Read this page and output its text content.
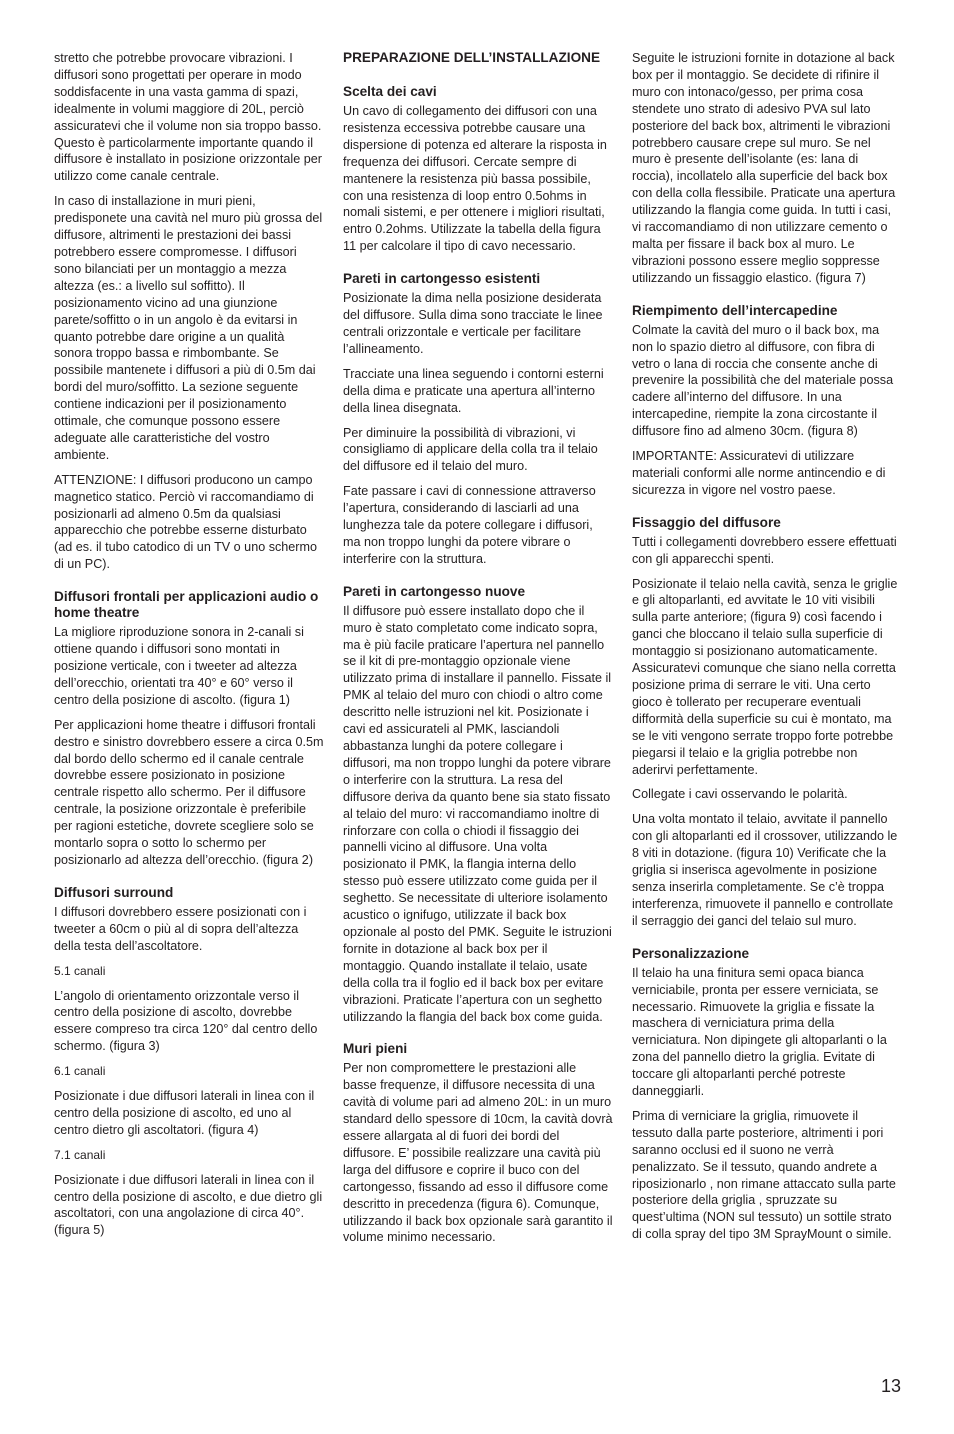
stretto che potrebbe provocare vibrazioni. I diffusori sono progettati per operare in modo soddisfacente in una vasta gamma di spazi, idealmente in volumi maggiore di 20L, perciò assicuratevi che il volume non sia troppo basso. Questo è particolarmente importante quando il diffusore è installato in posizione orizzontale per utilizzo come canale centrale.

In caso di installazione in muri pieni, predisponete una cavità nel muro più grossa del diffusore, altrimenti le prestazioni dei bassi potrebbero essere compromesse. I diffusori sono bilanciati per un montaggio a mezza altezza (es.: a livello sul soffitto). Il posizionamento vicino ad una giunzione parete/soffitto o in un angolo è da evitarsi in quanto potrebbe dare origine a un qualità sonora troppo bassa e rimbombante. Se possibile mantenete i diffusori a più di 0.5m dai bordi del muro/soffitto. La sezione seguente contiene indicazioni per il posizionamento ottimale, che comunque possono essere adeguate alle caratteristiche del vostro ambiente.

ATTENZIONE: I diffusori producono un campo magnetico statico. Perciò vi raccomandiamo di posizionarli ad almeno 0.5m da qualsiasi apparecchio che potrebbe esserne disturbato (ad es. il tubo catodico di un TV o uno schermo di un PC).

Diffusori frontali per applicazioni audio o home theatre

La migliore riproduzione sonora in 2-canali si ottiene quando i diffusori sono montati in posizione verticale, con i tweeter ad altezza dell’orecchio, orientati tra 40° e 60° verso il centro della posizione di ascolto. (figura 1)

Per applicazioni home theatre i diffusori frontali destro e sinistro dovrebbero essere a circa 0.5m dal bordo dello schermo ed il canale centrale dovrebbe essere posizionato in posizione centrale rispetto allo schermo. Per il diffusore centrale, la posizione orizzontale è preferibile per ragioni estetiche, dovrete scegliere solo se montarlo sopra o sotto lo schermo per posizionarlo ad altezza dell’orecchio. (figura 2)

Diffusori surround

I diffusori dovrebbero essere posizionati con i tweeter a 60cm o più al di sopra dell’altezza della testa dell’ascoltatore.

5.1 canali

L’angolo di orientamento orizzontale verso il centro della posizione di ascolto, dovrebbe essere compreso tra circa 120° dal centro dello schermo. (figura 3)

6.1 canali

Posizionate i due diffusori laterali in linea con il centro della posizione di ascolto, ed uno al centro dietro gli ascoltatori. (figura 4)

7.1 canali

Posizionate i due diffusori laterali in linea con il centro della posizione di ascolto, e due dietro gli ascoltatori, con una angolazione di circa 40°. (figura 5)

PREPARAZIONE DELL’INSTALLAZIONE
Scelta dei cavi

Un cavo di collegamento dei diffusori con una resistenza eccessiva potrebbe causare una dispersione di potenza ed alterare la risposta in frequenza dei diffusori. Cercate sempre di mantenere la resistenza più bassa possibile, con una resistenza di loop entro 0.5ohms in nomali sistemi, e per ottenere i migliori risultati, entro 0.2ohms. Utilizzate la tabella della figura 11 per calcolare il tipo di cavo necessario.

Pareti in cartongesso esistenti

Posizionate la dima nella posizione desiderata del diffusore. Sulla dima sono tracciate le linee centrali orizzontale e verticale per facilitare l’allineamento.

Tracciate una linea seguendo i contorni esterni della dima e praticate una apertura all’interno della linea disegnata.

Per diminuire la possibilità di vibrazioni, vi consigliamo di applicare della colla tra il telaio del diffusore ed il telaio del muro.

Fate passare i cavi di connessione attraverso l’apertura, considerando di lasciarli ad una lunghezza tale da potere collegare i diffusori, ma non troppo lunghi da potere vibrare o interferire con la struttura.

Pareti in cartongesso nuove

Il diffusore può essere installato dopo che il muro è stato completato come indicato sopra, ma è più facile praticare l’apertura nel pannello se il kit di pre-montaggio opzionale viene utilizzato prima di installare il pannello. Fissate il PMK al telaio del muro con chiodi o altro come descritto nelle istruzioni nel kit. Posizionate i cavi ed assicurateli al PMK, lasciandoli abbastanza lunghi da potere collegare i diffusori, ma non troppo lunghi da potere vibrare o interferire con la struttura. La resa del diffusore deriva da quanto bene sia stato fissato al telaio del muro: vi raccomandiamo inoltre di rinforzare con colla o chiodi il fissaggio dei pannelli vicino al diffusore. Una volta posizionato il PMK, la flangia interna dello stesso può essere utilizzato come guida per il seghetto. Se necessitate di ulteriore isolamento acustico o ignifugo, utilizzate il back box opzionale al posto del PMK. Seguite le istruzioni fornite in dotazione al back box per il montaggio. Quando installate il telaio, usate della colla tra il foglio ed il back box per evitare vibrazioni. Praticate l’apertura con un seghetto utilizzando la flangia del back box come guida.

Muri pieni

Per non compromettere le prestazioni alle basse frequenze, il diffusore necessita di una cavità di volume pari ad almeno 20L: in un muro standard dello spessore di 10cm, la cavità dovrà essere allargata al di fuori dei bordi del diffusore. E’ possibile realizzare una cavità più larga del diffusore e coprire il buco con del cartongesso, fissando ad esso il diffusore come descritto in precedenza (figura 6). Comunque, utilizzando il back box opzionale sarà garantito il volume minimo necessario.

Seguite le istruzioni fornite in dotazione al back box per il montaggio. Se decidete di rifinire il muro con intonaco/gesso, per prima cosa stendete uno strato di adesivo PVA sul lato posteriore del back box, altrimenti le vibrazioni potrebbero causare crepe sul muro. Se nel muro è presente dell’isolante (es: lana di roccia), incollatelo alla superficie del back box con della colla flessibile. Praticate una apertura utilizzando la flangia come guida. In tutti i casi, vi raccomandiamo di non utilizzare cemento o malta per fissare il back box al muro. Le vibrazioni possono essere meglio soppresse utilizzando un fissaggio elastico. (figura 7)

Riempimento dell’intercapedine

Colmate la cavità del muro o il back box, ma non lo spazio dietro al diffusore, con fibra di vetro o lana di roccia che consente anche di prevenire la possibilità che del materiale possa cadere all’interno del diffusore. In una intercapedine, riempite la zona circostante il diffusore fino ad almeno 30cm. (figura 8)

IMPORTANTE: Assicuratevi di utilizzare materiali conformi alle norme antincendio e di sicurezza in vigore nel vostro paese.

Fissaggio del diffusore

Tutti i collegamenti dovrebbero essere effettuati con gli apparecchi spenti.

Posizionate il telaio nella cavità, senza le griglie e gli altoparlanti, ed avvitate le 10 viti visibili sulla parte anteriore; (figura 9) così facendo i ganci che bloccano il telaio sulla superficie di montaggio si posizionano automaticamente. Assicuratevi comunque che siano nella corretta posizione prima di serrare le viti. Una certo gioco è tollerato per recuperare eventuali difformità della superficie su cui è montato, ma se le viti vengono serrate troppo forte potrebbe piegarsi il telaio e la griglia potrebbe non aderirvi perfettamente.

Collegate i cavi osservando le polarità.

Una volta montato il telaio, avvitate il pannello con gli altoparlanti ed il crossover, utilizzando le 8 viti in dotazione. (figura 10) Verificate che la griglia si inserisca agevolmente in posizione senza inserirla completamente. Se c’è troppa interferenza, rimuovete il pannello e controllate il serraggio dei ganci del telaio sul muro.

Personalizzazione

Il telaio ha una finitura semi opaca bianca verniciabile, pronta per essere verniciata, se necessario. Rimuovete la griglia e fissate la maschera di verniciatura prima della verniciatura. Non dipingete gli altoparlanti o la zona del pannello dietro la griglia. Evitate di toccare gli altoparlanti perché potreste danneggiarli.

Prima di verniciare la griglia, rimuovete il tessuto dalla parte posteriore, altrimenti i pori saranno occlusi ed il suono ne verrà penalizzato. Se il tessuto, quando andrete a riposizionarlo , non rimane attaccato sulla parte posteriore della griglia , spruzzate su quest’ultima (NON sul tessuto) un sottile strato di colla spray del tipo 3M SprayMount o simile.

13
